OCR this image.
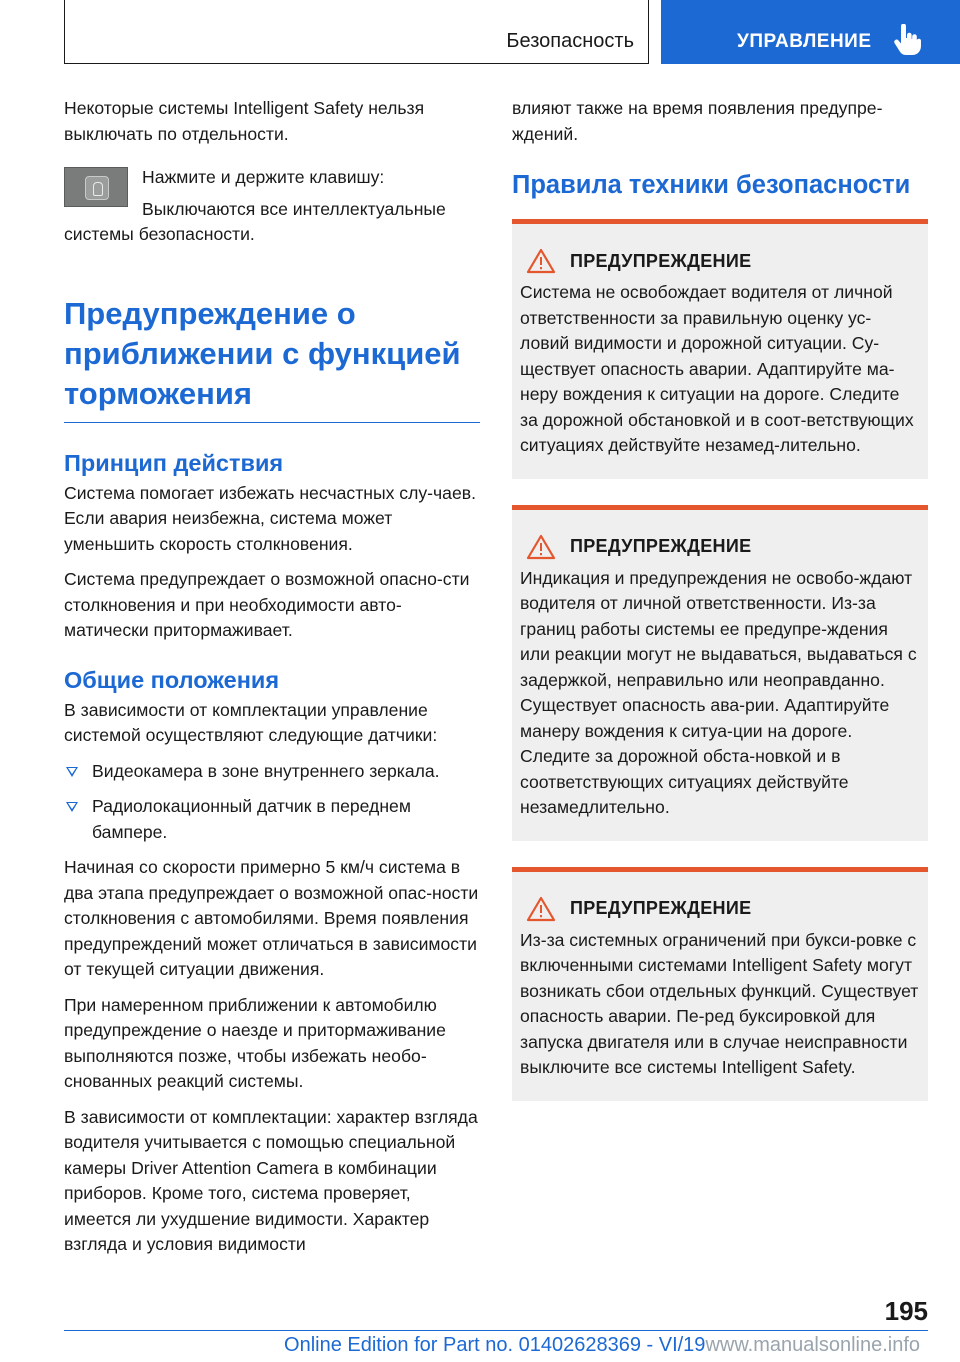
Безопасность	УПРАВЛЕНИЕ

Некоторые системы Intelligent Safety нельзя выключать по отдельности.

Нажмите и держите клавишу:

Выключаются все интеллектуальные системы безопасности.

Предупреждение о приближении с функцией торможения
Принцип действия

Система помогает избежать несчастных слу-чаев. Если авария неизбежна, система может уменьшить скорость столкновения.

Система предупреждает о возможной опасно-сти столкновения и при необходимости авто-матически притормаживает.

Общие положения

В зависимости от комплектации управление системой осуществляют следующие датчики:

Видеокамера в зоне внутреннего зеркала.
Радиолокационный датчик в переднем бампере.

Начиная со скорости примерно 5 км/ч система в два этапа предупреждает о возможной опас-ности столкновения с автомобилями. Время появления предупреждений может отличаться в зависимости от текущей ситуации движения.

При намеренном приближении к автомобилю предупреждение о наезде и притормаживание выполняются позже, чтобы избежать необо-снованных реакций системы.

В зависимости от комплектации: характер взгляда водителя учитывается с помощью специальной камеры Driver Attention Camera в комбинации приборов. Кроме того, система проверяет, имеется ли ухудшение видимости. Характер взгляда и условия видимости

влияют также на время появления предупре-ждений.

Правила техники безопасности
ПРЕДУПРЕЖДЕНИЕ

Система не освобождает водителя от личной ответственности за правильную оценку ус-ловий видимости и дорожной ситуации. Су-ществует опасность аварии. Адаптируйте ма-неру вождения к ситуации на дороге. Следите за дорожной обстановкой и в соот-ветствующих ситуациях действуйте незамед-лительно.

ПРЕДУПРЕЖДЕНИЕ

Индикация и предупреждения не освобо-ждают водителя от личной ответственности. Из-за границ работы системы ее предупре-ждения или реакции могут не выдаваться, выдаваться с задержкой, неправильно или неоправданно. Существует опасность ава-рии. Адаптируйте манеру вождения к ситуа-ции на дороге. Следите за дорожной обста-новкой и в соответствующих ситуациях действуйте незамедлительно.

ПРЕДУПРЕЖДЕНИЕ

Из-за системных ограничений при букси-ровке с включенными системами Intelligent Safety могут возникать сбои отдельных функций. Существует опасность аварии. Пе-ред буксировкой для запуска двигателя или в случае неисправности выключите все системы Intelligent Safety.

195
Online Edition for Part no. 01402628369 - VI/19www.manualsonline.info
